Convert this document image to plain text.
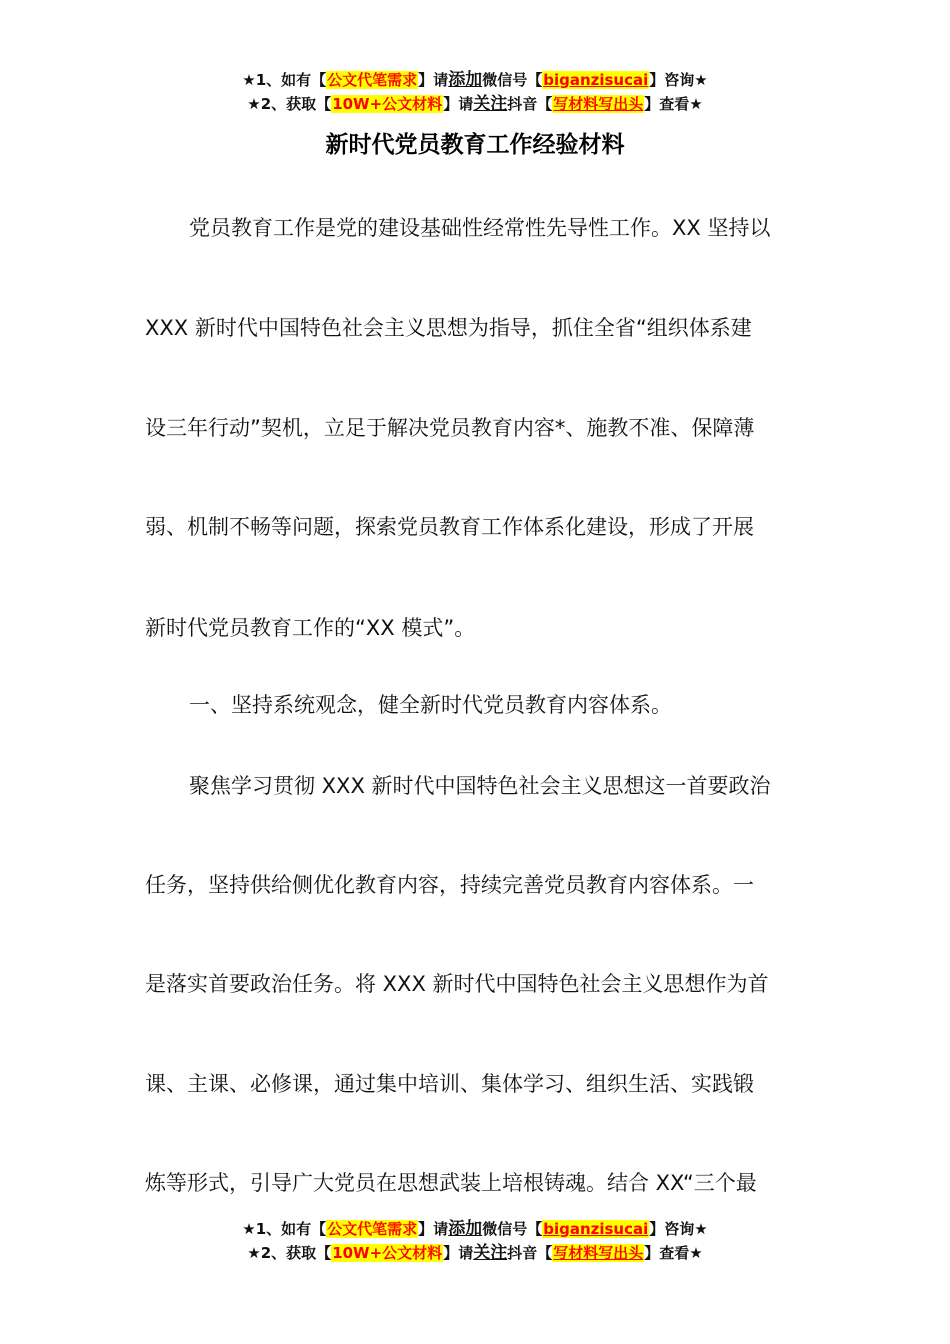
★1、如有【公文代笔需求】请添加微信号【biganzisucai】咨询★
★2、获取【10W+公文材料】请关注抖音【写材料写出头】查看★
新时代党员教育工作经验材料
党员教育工作是党的建设基础性经常性先导性工作。XX 坚持以
XXX 新时代中国特色社会主义思想为指导，抓住全省“组织体系建
设三年行动”契机，立足于解决党员教育内容*、施教不准、保障薄
弱、机制不畅等问题，探索党员教育工作体系化建设，形成了开展
新时代党员教育工作的“XX 模式”。
一、坚持系统观念，健全新时代党员教育内容体系。
聚焦学习贯彻 XXX 新时代中国特色社会主义思想这一首要政治
任务，坚持供给侧优化教育内容，持续完善党员教育内容体系。一
是落实首要政治任务。将 XXX 新时代中国特色社会主义思想作为首
课、主课、必修课，通过集中培训、集体学习、组织生活、实践锻
炼等形式，引导广大党员在思想武装上培根铸魂。结合 XX“三个最
★1、如有【公文代笔需求】请添加微信号【biganzisucai】咨询★
★2、获取【10W+公文材料】请关注抖音【写材料写出头】查看★
